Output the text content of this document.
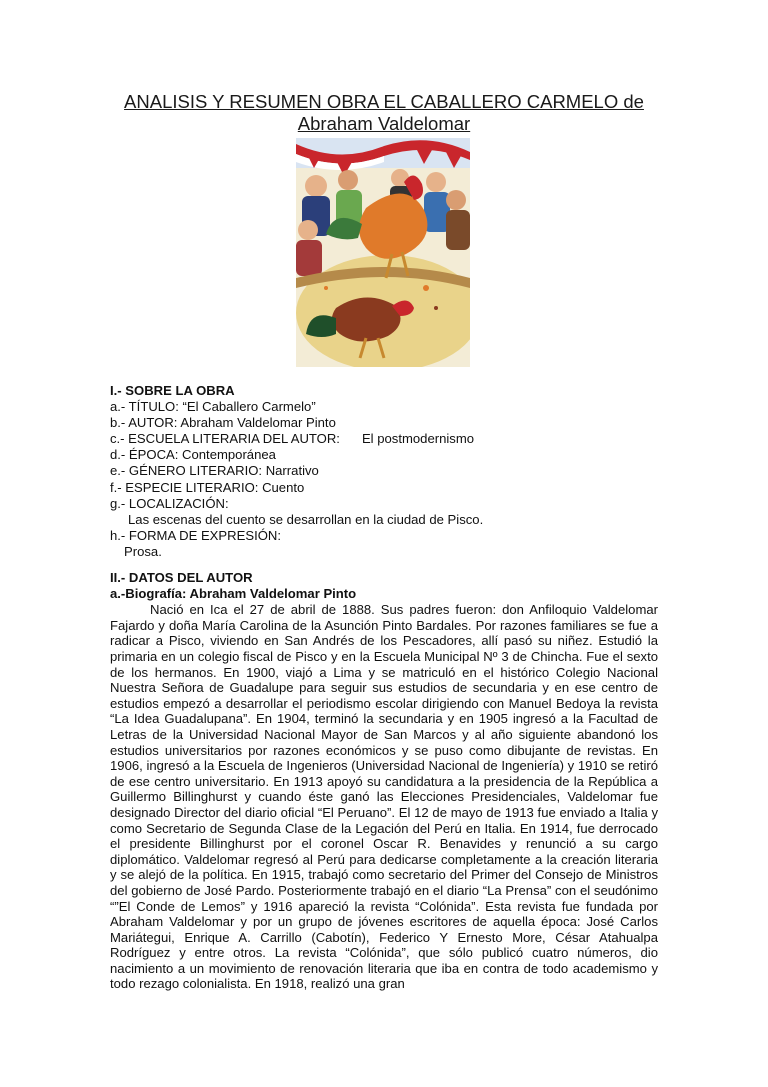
ANALISIS Y RESUMEN OBRA EL CABALLERO CARMELO de
Abraham Valdelomar
I.- SOBRE LA OBRA
a.- TÍTULO: “El Caballero Carmelo”
b.- AUTOR: Abraham Valdelomar Pinto
c.- ESCUELA LITERARIA DEL AUTOR: El postmodernismo
d.- ÉPOCA: Contemporánea
e.- GÉNERO LITERARIO: Narrativo
f.- ESPECIE LITERARIO: Cuento
g.- LOCALIZACIÓN:
Las escenas del cuento se desarrollan en la ciudad de Pisco.
h.- FORMA DE EXPRESIÓN:
Prosa.
II.- DATOS DEL AUTOR
a.-Biografía: Abraham Valdelomar Pinto

Nació en Ica el 27 de abril de 1888. Sus padres fueron: don Anfiloquio Valdelomar Fajardo y doña María Carolina de la Asunción Pinto Bardales. Por razones familiares se fue a radicar a Pisco, viviendo en San Andrés de los Pescadores, allí pasó su niñez. Estudió la primaria en un colegio fiscal de Pisco y en la Escuela Municipal Nº 3 de Chincha. Fue el sexto de los hermanos. En 1900, viajó a Lima y se matriculó en el histórico Colegio Nacional Nuestra Señora de Guadalupe para seguir sus estudios de secundaria y en ese centro de estudios empezó a desarrollar el periodismo escolar dirigiendo con Manuel Bedoya la revista “La Idea Guadalupana”. En 1904, terminó la secundaria y en 1905 ingresó a la Facultad de Letras de la Universidad Nacional Mayor de San Marcos y al año siguiente abandonó los estudios universitarios por razones económicos y se puso como dibujante de revistas. En 1906, ingresó a la Escuela de Ingenieros (Universidad Nacional de Ingeniería) y 1910 se retiró de ese centro universitario. En 1913 apoyó su candidatura a la presidencia de la República a Guillermo Billinghurst y cuando éste ganó las Elecciones Presidenciales, Valdelomar fue designado Director del diario oficial “El Peruano”. El 12 de mayo de 1913 fue enviado a Italia y como Secretario de Segunda Clase de la Legación del Perú en Italia. En 1914, fue derrocado el presidente Billinghurst por el coronel Oscar R. Benavides y renunció a su cargo diplomático. Valdelomar regresó al Perú para dedicarse completamente a la creación literaria y se alejó de la política. En 1915, trabajó como secretario del Primer del Consejo de Ministros del gobierno de José Pardo. Posteriormente trabajó en el diario “La Prensa” con el seudónimo “”El Conde de Lemos” y 1916 apareció la revista “Colónida”. Esta revista fue fundada por Abraham Valdelomar y por un grupo de jóvenes escritores de aquella época: José Carlos Mariátegui, Enrique A. Carrillo (Cabotín), Federico Y Ernesto More, César Atahualpa Rodríguez y entre otros. La revista “Colónida”, que sólo publicó cuatro números, dio nacimiento a un movimiento de renovación literaria que iba en contra de todo academismo y todo rezago colonialista. En 1918, realizó una gran
